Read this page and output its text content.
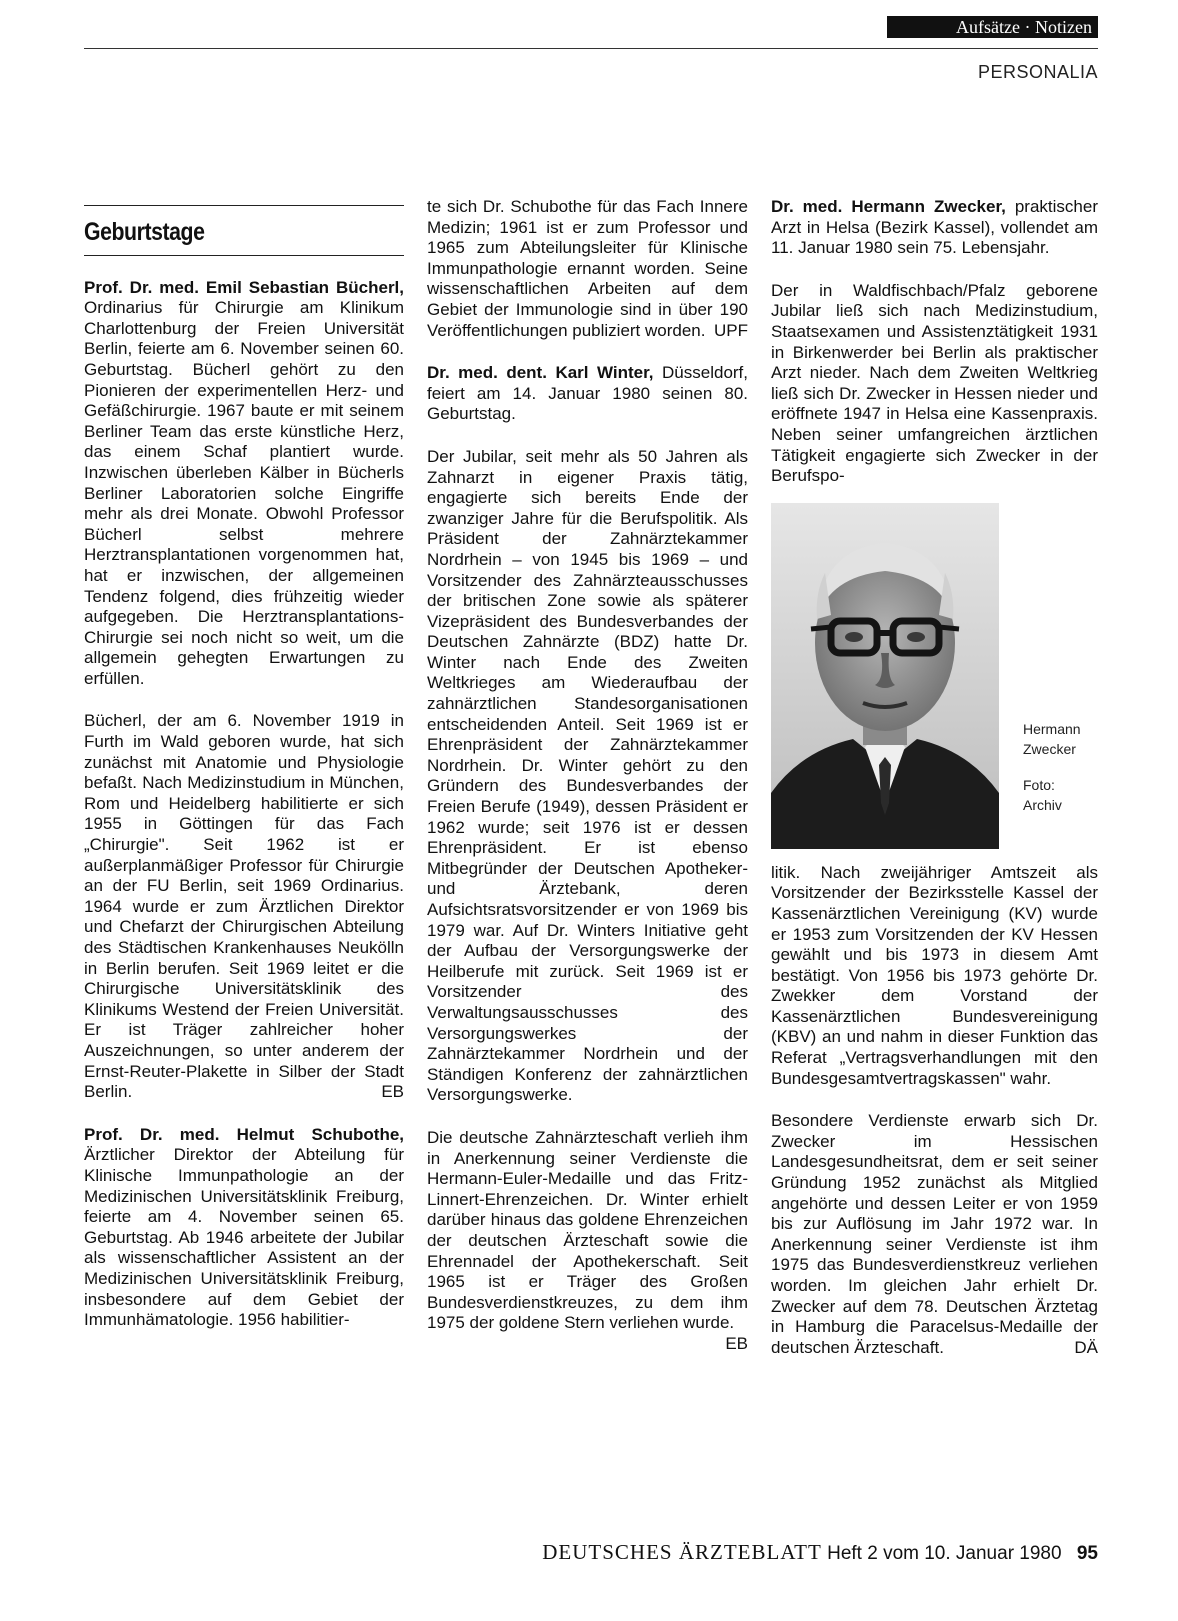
Aufsätze · Notizen
PERSONALIA
Geburtstage

Prof. Dr. med. Emil Sebastian Bücherl, Ordinarius für Chirurgie am Klinikum Charlottenburg der Freien Universität Berlin, feierte am 6. November seinen 60. Geburtstag. Bücherl gehört zu den Pionieren der experimentellen Herz- und Gefäßchirurgie. 1967 baute er mit seinem Berliner Team das erste künstliche Herz, das einem Schaf plantiert wurde. Inzwischen überleben Kälber in Bücherls Berliner Laboratorien solche Eingriffe mehr als drei Monate. Obwohl Professor Bücherl selbst mehrere Herztransplantationen vorgenommen hat, hat er inzwischen, der allgemeinen Tendenz folgend, dies frühzeitig wieder aufgegeben. Die Herztransplantations-Chirurgie sei noch nicht so weit, um die allgemein gehegten Erwartungen zu erfüllen.

Bücherl, der am 6. November 1919 in Furth im Wald geboren wurde, hat sich zunächst mit Anatomie und Physiologie befaßt. Nach Medizinstudium in München, Rom und Heidelberg habilitierte er sich 1955 in Göttingen für das Fach „Chirurgie". Seit 1962 ist er außerplanmäßiger Professor für Chirurgie an der FU Berlin, seit 1969 Ordinarius. 1964 wurde er zum Ärztlichen Direktor und Chefarzt der Chirurgischen Abteilung des Städtischen Krankenhauses Neukölln in Berlin berufen. Seit 1969 leitet er die Chirurgische Universitätsklinik des Klinikums Westend der Freien Universität. Er ist Träger zahlreicher hoher Auszeichnungen, so unter anderem der Ernst-Reuter-Plakette in Silber der Stadt Berlin.	EB

Prof. Dr. med. Helmut Schubothe, Ärztlicher Direktor der Abteilung für Klinische Immunpathologie an der Medizinischen Universitätsklinik Freiburg, feierte am 4. November seinen 65. Geburtstag. Ab 1946 arbeitete der Jubilar als wissenschaftlicher Assistent an der Medizinischen Universitätsklinik Freiburg, insbesondere auf dem Gebiet der Immunhämatologie. 1956 habilitier-

te sich Dr. Schubothe für das Fach Innere Medizin; 1961 ist er zum Professor und 1965 zum Abteilungsleiter für Klinische Immunpathologie ernannt worden. Seine wissenschaftlichen Arbeiten auf dem Gebiet der Immunologie sind in über 190 Veröffentlichungen publiziert worden. UPF

Dr. med. dent. Karl Winter, Düsseldorf, feiert am 14. Januar 1980 seinen 80. Geburtstag.

Der Jubilar, seit mehr als 50 Jahren als Zahnarzt in eigener Praxis tätig, engagierte sich bereits Ende der zwanziger Jahre für die Berufspolitik. Als Präsident der Zahnärztekammer Nordrhein – von 1945 bis 1969 – und Vorsitzender des Zahnärzteausschusses der britischen Zone sowie als späterer Vizepräsident des Bundesverbandes der Deutschen Zahnärzte (BDZ) hatte Dr. Winter nach Ende des Zweiten Weltkrieges am Wiederaufbau der zahnärztlichen Standesorganisationen entscheidenden Anteil. Seit 1969 ist er Ehrenpräsident der Zahnärztekammer Nordrhein. Dr. Winter gehört zu den Gründern des Bundesverbandes der Freien Berufe (1949), dessen Präsident er 1962 wurde; seit 1976 ist er dessen Ehrenpräsident. Er ist ebenso Mitbegründer der Deutschen Apotheker- und Ärztebank, deren Aufsichtsratsvorsitzender er von 1969 bis 1979 war. Auf Dr. Winters Initiative geht der Aufbau der Versorgungswerke der Heilberufe mit zurück. Seit 1969 ist er Vorsitzender des Verwaltungsausschusses des Versorgungswerkes der Zahnärztekammer Nordrhein und der Ständigen Konferenz der zahnärztlichen Versorgungswerke.

Die deutsche Zahnärzteschaft verlieh ihm in Anerkennung seiner Verdienste die Hermann-Euler-Medaille und das Fritz-Linnert-Ehrenzeichen. Dr. Winter erhielt darüber hinaus das goldene Ehrenzeichen der deutschen Ärzteschaft sowie die Ehrennadel der Apothekerschaft. Seit 1965 ist er Träger des Großen Bundesverdienstkreuzes, zu dem ihm 1975 der goldene Stern verliehen wurde.
EB

Dr. med. Hermann Zwecker, praktischer Arzt in Helsa (Bezirk Kassel), vollendet am 11. Januar 1980 sein 75. Lebensjahr.

Der in Waldfischbach/Pfalz geborene Jubilar ließ sich nach Medizinstudium, Staatsexamen und Assistenztätigkeit 1931 in Birkenwerder bei Berlin als praktischer Arzt nieder. Nach dem Zweiten Weltkrieg ließ sich Dr. Zwecker in Hessen nieder und eröffnete 1947 in Helsa eine Kassenpraxis. Neben seiner umfangreichen ärztlichen Tätigkeit engagierte sich Zwecker in der Berufspo-

Hermann Zwecker
Foto: Archiv

litik. Nach zweijähriger Amtszeit als Vorsitzender der Bezirksstelle Kassel der Kassenärztlichen Vereinigung (KV) wurde er 1953 zum Vorsitzenden der KV Hessen gewählt und bis 1973 in diesem Amt bestätigt. Von 1956 bis 1973 gehörte Dr. Zwekker dem Vorstand der Kassenärztlichen Bundesvereinigung (KBV) an und nahm in dieser Funktion das Referat „Vertragsverhandlungen mit den Bundesgesamtvertragskassen" wahr.

Besondere Verdienste erwarb sich Dr. Zwecker im Hessischen Landesgesundheitsrat, dem er seit seiner Gründung 1952 zunächst als Mitglied angehörte und dessen Leiter er von 1959 bis zur Auflösung im Jahr 1972 war. In Anerkennung seiner Verdienste ist ihm 1975 das Bundesverdienstkreuz verliehen worden. Im gleichen Jahr erhielt Dr. Zwecker auf dem 78. Deutschen Ärztetag in Hamburg die Paracelsus-Medaille der deutschen Ärzteschaft.	DÄ

DEUTSCHES ÄRZTEBLATT Heft 2 vom 10. Januar 1980 95
